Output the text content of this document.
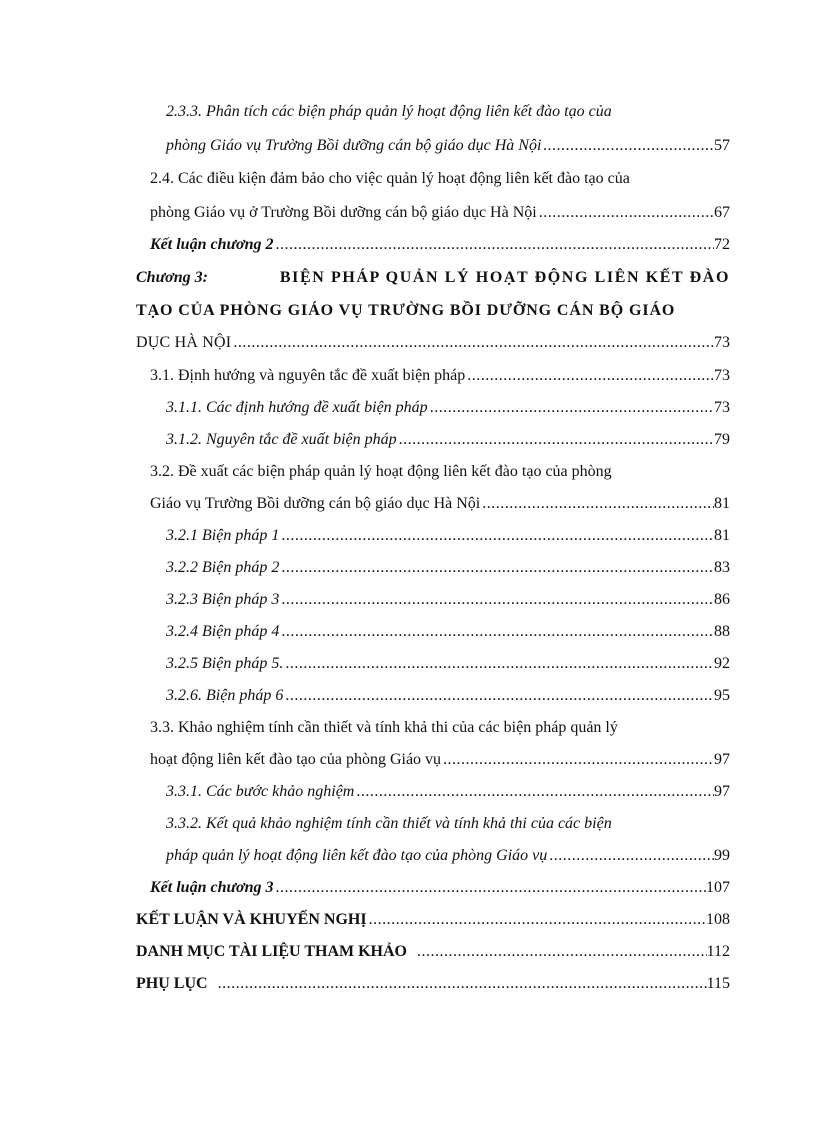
2.3.3. Phân tích các biện pháp quản lý hoạt động liên kết đào tạo của
phòng Giáo vụ Trường Bồi dưỡng cán bộ giáo dục Hà Nội .....	57
2.4. Các điều kiện đảm bảo cho việc quản lý hoạt động liên kết đào tạo của
phòng Giáo vụ ở Trường Bồi dưỡng cán bộ giáo dục Hà Nội .....	67
Kết luận chương 2 .....	72
Chương 3:	BIỆN PHÁP QUẢN LÝ HOẠT ĐỘNG LIÊN KẾT ĐÀO
TẠO CỦA PHÒNG GIÁO VỤ TRƯỜNG BỒI DƯỠNG CÁN BỘ GIÁO
DỤC HÀ NỘI .....	73
3.1. Định hướng và nguyên tắc đề xuất biện pháp .....	73
3.1.1. Các định hướng đề xuất biện pháp .....	73
3.1.2. Nguyên tắc đề xuất biện pháp .....	79
3.2. Đề xuất các biện pháp quản lý hoạt động liên kết đào tạo của phòng
Giáo vụ Trường Bồi dưỡng cán bộ giáo dục Hà Nội .....	81
3.2.1 Biện pháp 1 .....	81
3.2.2 Biện pháp 2 .....	83
3.2.3 Biện pháp 3 .....	86
3.2.4 Biện pháp 4 .....	88
3.2.5 Biện pháp 5. .....	92
3.2.6. Biện pháp 6 .....	95
3.3. Khảo nghiệm tính cần thiết và tính khả thi của các biện pháp quản lý
hoạt động liên kết đào tạo của phòng Giáo vụ .....	97
3.3.1. Các bước khảo nghiệm .....	97
3.3.2. Kết quả khảo nghiệm tính cần thiết và tính khả thi của các biện
pháp quản lý hoạt động liên kết đào tạo của phòng Giáo vụ .....	99
Kết luận chương 3 .....	107
KẾT LUẬN VÀ KHUYẾN NGHỊ .....	108
DANH MỤC TÀI LIỆU THAM KHẢO .....	112
PHỤ LỤC .....	115
